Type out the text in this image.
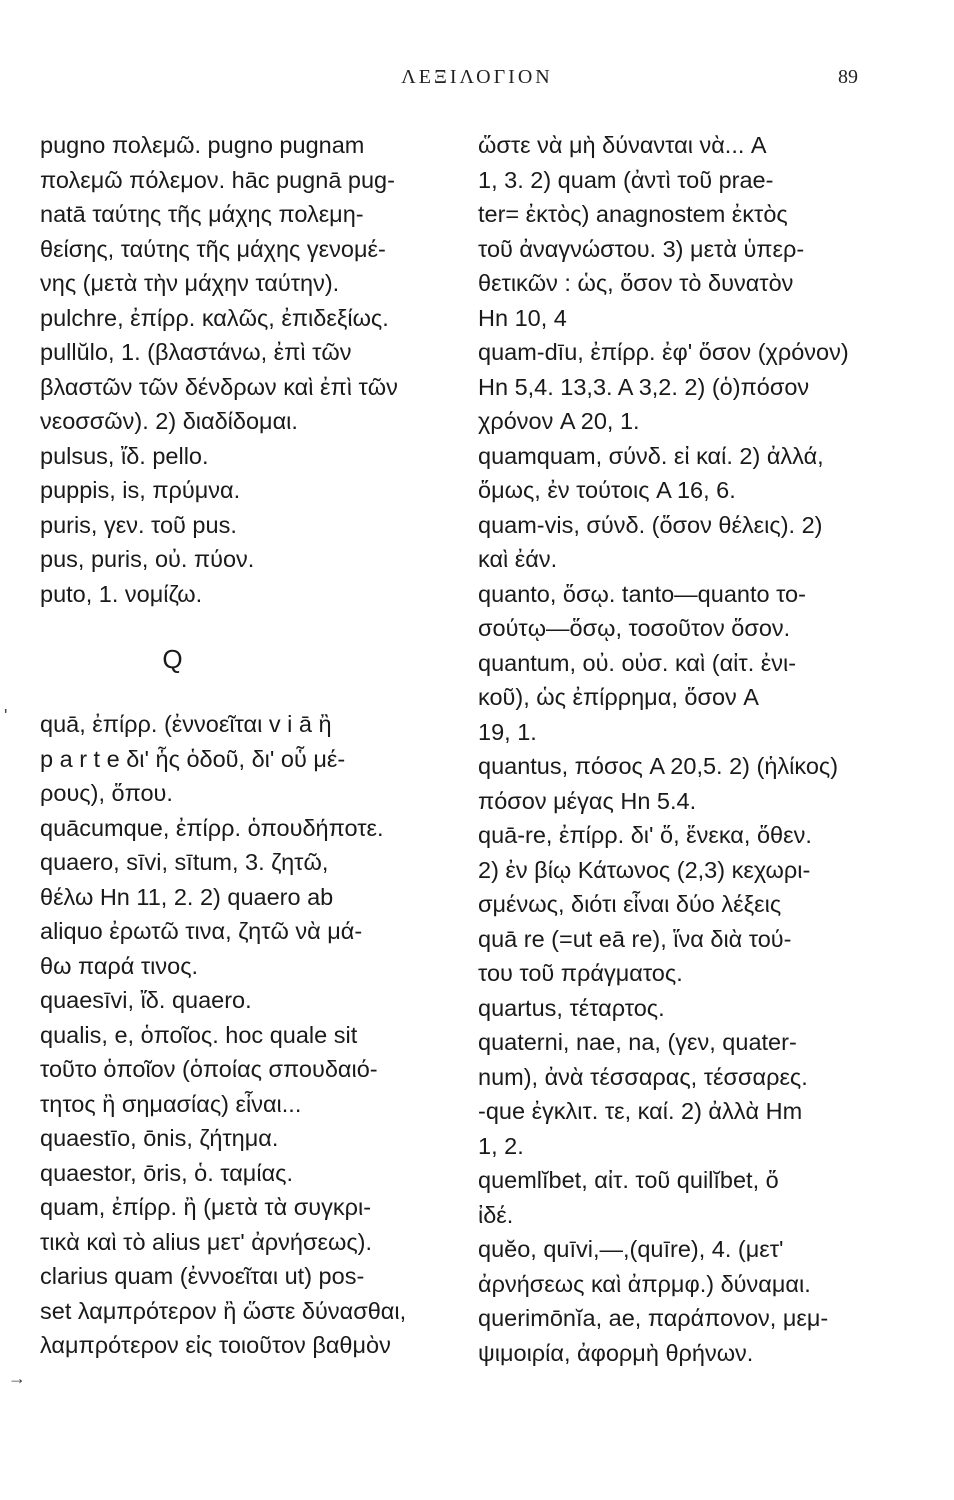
ΛΕΞΙΛΟΓΙΟΝ	89
'
→
pugno πολεμῶ. pugno pugnam
πολεμῶ πόλεμον. hāc pugnā pug-
natā ταύτης τῆς μάχης πολεμη-
θείσης, ταύτης τῆς μάχης γενομέ-
νης (μετὰ τὴν μάχην ταύτην).
pulchre, ἐπίρρ. καλῶς, ἐπιδεξίως.
pullŭlo, 1. (βλαστάνω, ἐπὶ τῶν
βλαστῶν τῶν δένδρων καὶ ἐπὶ τῶν
νεοσσῶν). 2) διαδίδομαι.
pulsus, ἴδ. pello.
puppis, is, πρύμνα.
puris, γεν. τοῦ pus.
pus, puris, οὐ. πύον.
puto, 1. νομίζω.
Q
quā, ἐπίρρ. (ἐννοεῖται v i ā ἢ
p a r t e δι' ἧς ὁδοῦ, δι' οὗ μέ-
ρους), ὅπου.
quācumque, ἐπίρρ. ὁπουδήποτε.
quaero, sīvi, sītum, 3. ζητῶ,
θέλω Hn 11, 2. 2) quaero ab
aliquo ἐρωτῶ τινα, ζητῶ νὰ μά-
θω παρά τινος.
quaesīvi, ἴδ. quaero.
qualis, e, ὁποῖος. hoc quale sit
τοῦτο ὁποῖον (ὁποίας σπουδαιό-
τητος ἢ σημασίας) εἶναι...
quaestīo, ōnis, ζήτημα.
quaestor, ōris, ὁ. ταμίας.
quam, ἐπίρρ. ἢ (μετὰ τὰ συγκρι-
τικὰ καὶ τὸ alius μετ' ἀρνήσεως).
clarius quam (ἐννοεῖται ut) pos-
set λαμπρότερον ἢ ὥστε δύνασθαι,
λαμπρότερον εἰς τοιοῦτον βαθμὸν
ὥστε νὰ μὴ δύνανται νὰ... A
1, 3. 2) quam (ἀντὶ τοῦ prae-
ter= ἐκτὸς) anagnostem ἐκτὸς
τοῦ ἀναγνώστου. 3) μετὰ ὑπερ-
θετικῶν : ὡς, ὅσον τὸ δυνατὸν
Hn 10, 4
quam-dīu, ἐπίρρ. ἐφ' ὅσον (χρόνον)
Hn 5,4. 13,3. A 3,2. 2) (ὁ)πόσον
χρόνον A 20, 1.
quamquam, σύνδ. εἰ καί. 2) ἀλλά,
ὅμως, ἐν τούτοις A 16, 6.
quam-vis, σύνδ. (ὅσον θέλεις). 2)
καὶ ἐάν.
quanto, ὅσῳ. tanto—quanto το-
σούτῳ—ὅσῳ, τοσοῦτον ὅσον.
quantum, οὐ. οὐσ. καὶ (αἰτ. ἐνι-
κοῦ), ὡς ἐπίρρημα, ὅσον A
19, 1.
quantus, πόσος A 20,5. 2) (ἡλίκος)
πόσον μέγας Hn 5.4.
quā-re, ἐπίρρ. δι' ὅ, ἕνεκα, ὅθεν.
2) ἐν βίῳ Κάτωνος (2,3) κεχωρι-
σμένως, διότι εἶναι δύο λέξεις
quā re (=ut eā re), ἵνα διὰ τού-
του τοῦ πράγματος.
quartus, τέταρτος.
quaterni, nae, na, (γεν, quater-
num), ἀνὰ τέσσαρας, τέσσαρες.
-que ἐγκλιτ. τε, καί. 2) ἀλλὰ Hm
1, 2.
quemlĭbet, αἰτ. τοῦ quilĭbet, ὅ
ἰδέ.
quĕo, quīvi,—,(quīre), 4. (μετ'
ἀρνήσεως καὶ ἀπρμφ.) δύναμαι.
querimōnĭa, ae, παράπονον, μεμ-
ψιμοιρία, ἀφορμὴ θρήνων.
